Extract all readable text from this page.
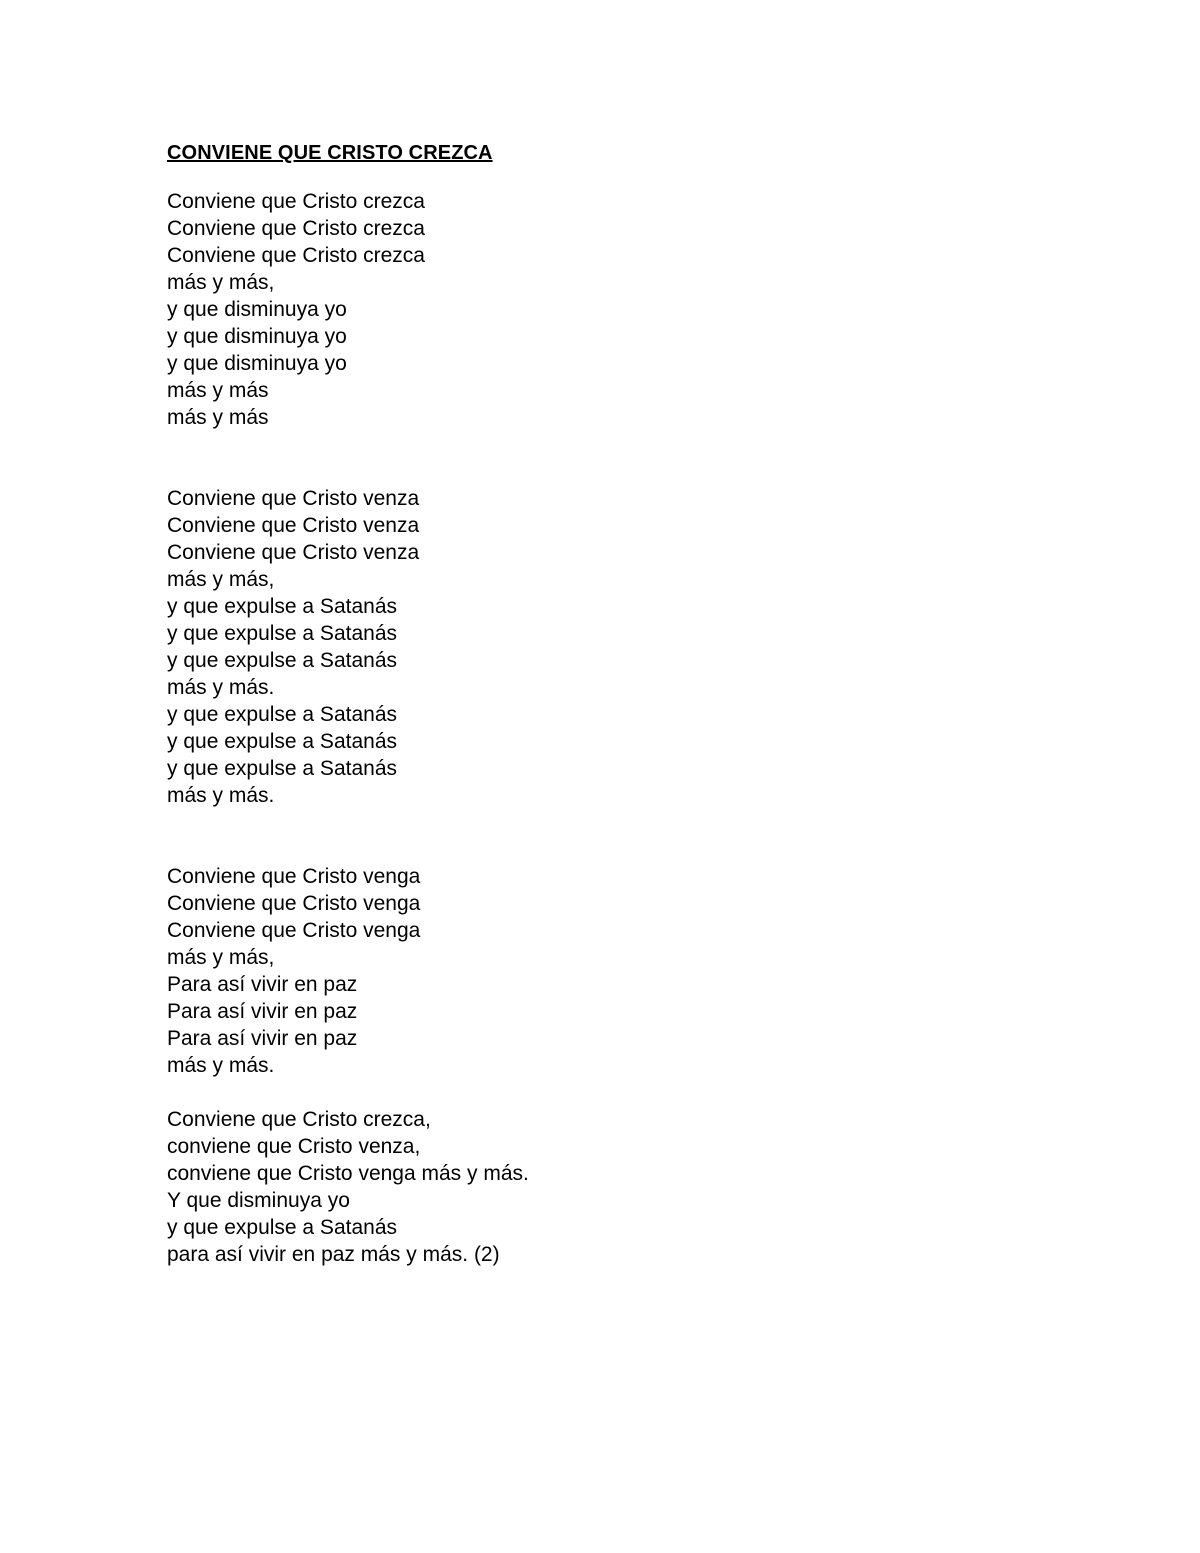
CONVIENE QUE CRISTO CREZCA
Conviene que Cristo crezca
Conviene que Cristo crezca
Conviene que Cristo crezca
más y más,
y que disminuya yo
y que disminuya yo
y que disminuya yo
más y más
más y más
Conviene que Cristo venza
Conviene que Cristo venza
Conviene que Cristo venza
más y más,
y que expulse a Satanás
y que expulse a Satanás
y que expulse a Satanás
más y más.
y que expulse a Satanás
y que expulse a Satanás
y que expulse a Satanás
más y más.
Conviene que Cristo venga
Conviene que Cristo venga
Conviene que Cristo venga
más y más,
Para así vivir en paz
Para así vivir en paz
Para así vivir en paz
más y más.
Conviene que Cristo crezca,
conviene que Cristo venza,
conviene que Cristo venga más y más.
Y que disminuya yo
y que expulse a Satanás
para así vivir en paz más y más. (2)
